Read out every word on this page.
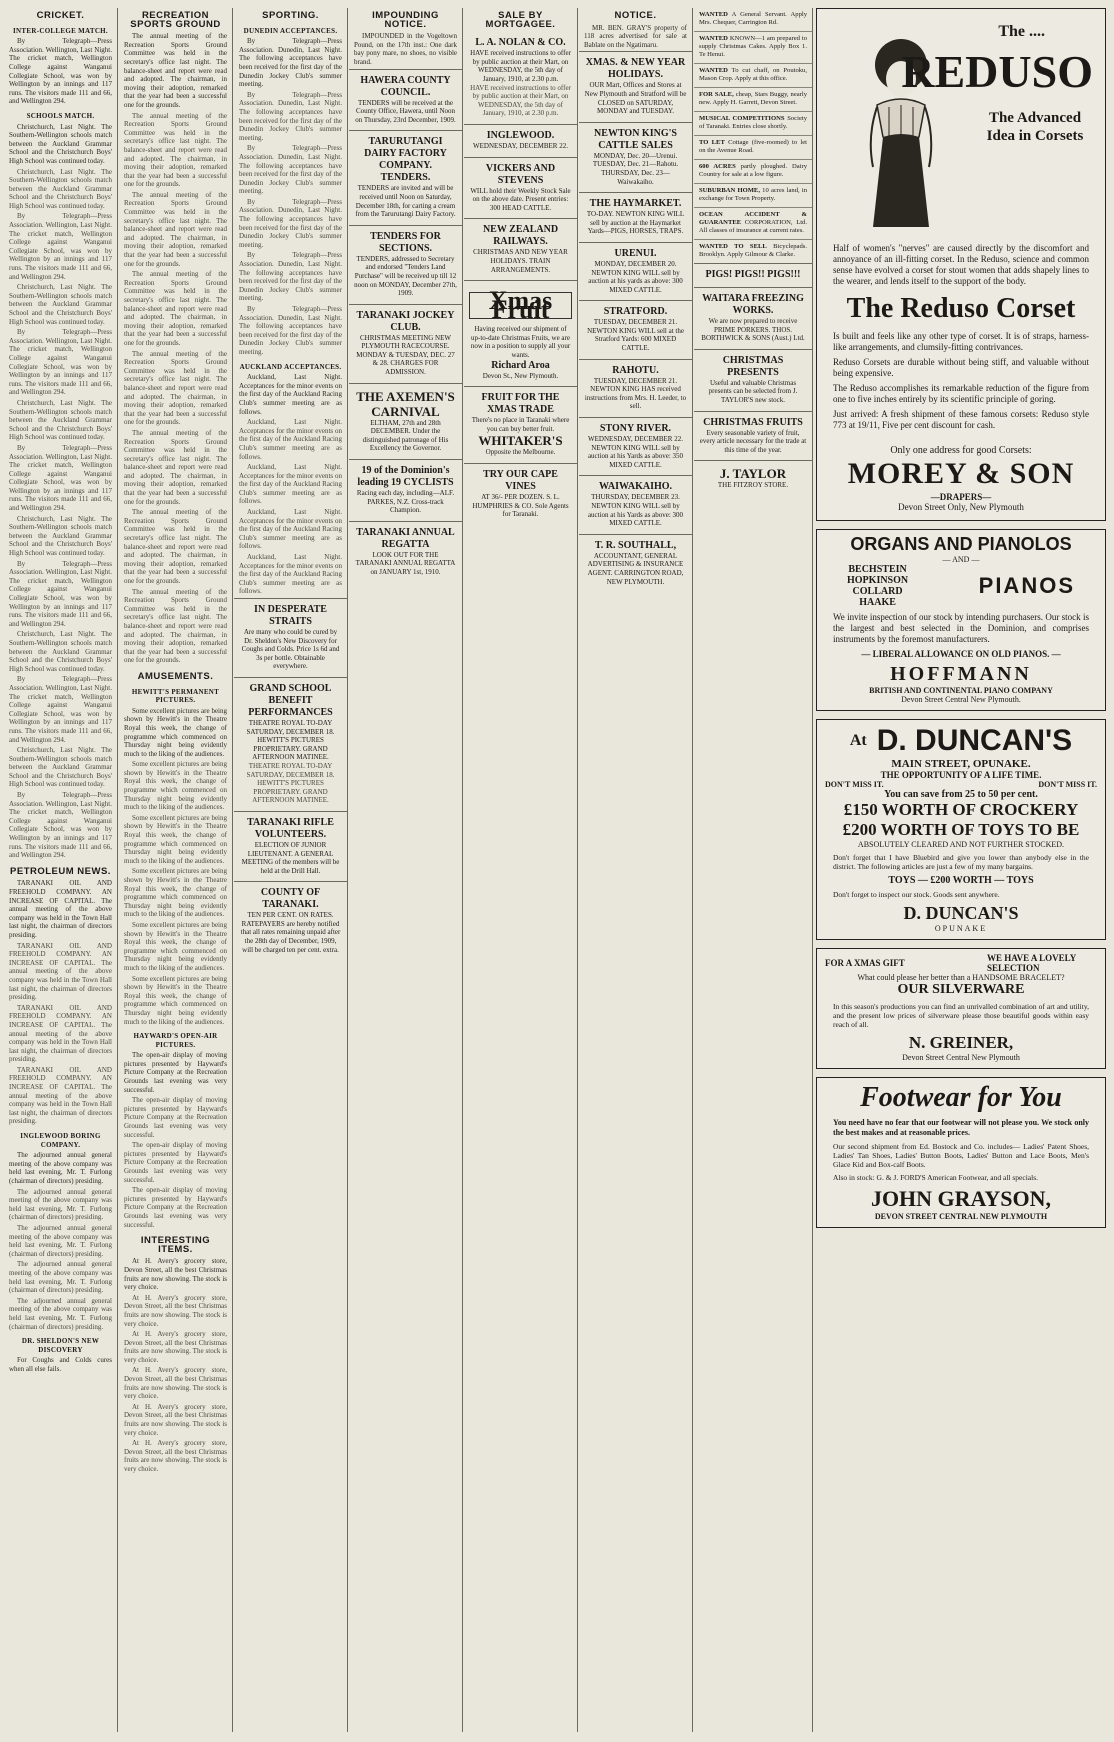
CRICKET.
INTER-COLLEGE MATCH.
By Telegraph—Press Association. Wellington, Last Night. The cricket match, Wellington College against Wanganui Collegiate School, was won by Wellington by an innings and 117 runs. The visitors made 111 and 66, and Wellington 294.
SCHOOLS MATCH.
Christchurch, Last Night. The Southern-Wellington schools match between the Auckland Grammar School and the Christchurch Boys' High School was continued today.
Christchurch, Last Night. The Southern-Wellington schools match between the Auckland Grammar School and the Christchurch Boys' High School was continued today.
By Telegraph—Press Association. Wellington, Last Night. The cricket match, Wellington College against Wanganui Collegiate School, was won by Wellington by an innings and 117 runs. The visitors made 111 and 66, and Wellington 294.
Christchurch, Last Night. The Southern-Wellington schools match between the Auckland Grammar School and the Christchurch Boys' High School was continued today.
By Telegraph—Press Association. Wellington, Last Night. The cricket match, Wellington College against Wanganui Collegiate School, was won by Wellington by an innings and 117 runs. The visitors made 111 and 66, and Wellington 294.
Christchurch, Last Night. The Southern-Wellington schools match between the Auckland Grammar School and the Christchurch Boys' High School was continued today.
By Telegraph—Press Association. Wellington, Last Night. The cricket match, Wellington College against Wanganui Collegiate School, was won by Wellington by an innings and 117 runs. The visitors made 111 and 66, and Wellington 294.
Christchurch, Last Night. The Southern-Wellington schools match between the Auckland Grammar School and the Christchurch Boys' High School was continued today.
By Telegraph—Press Association. Wellington, Last Night. The cricket match, Wellington College against Wanganui Collegiate School, was won by Wellington by an innings and 117 runs. The visitors made 111 and 66, and Wellington 294.
Christchurch, Last Night. The Southern-Wellington schools match between the Auckland Grammar School and the Christchurch Boys' High School was continued today.
By Telegraph—Press Association. Wellington, Last Night. The cricket match, Wellington College against Wanganui Collegiate School, was won by Wellington by an innings and 117 runs. The visitors made 111 and 66, and Wellington 294.
Christchurch, Last Night. The Southern-Wellington schools match between the Auckland Grammar School and the Christchurch Boys' High School was continued today.
By Telegraph—Press Association. Wellington, Last Night. The cricket match, Wellington College against Wanganui Collegiate School, was won by Wellington by an innings and 117 runs. The visitors made 111 and 66, and Wellington 294.
PETROLEUM NEWS.
TARANAKI OIL AND FREEHOLD COMPANY. AN INCREASE OF CAPITAL. The annual meeting of the above company was held in the Town Hall last night, the chairman of directors presiding.
TARANAKI OIL AND FREEHOLD COMPANY. AN INCREASE OF CAPITAL. The annual meeting of the above company was held in the Town Hall last night, the chairman of directors presiding.
TARANAKI OIL AND FREEHOLD COMPANY. AN INCREASE OF CAPITAL. The annual meeting of the above company was held in the Town Hall last night, the chairman of directors presiding.
TARANAKI OIL AND FREEHOLD COMPANY. AN INCREASE OF CAPITAL. The annual meeting of the above company was held in the Town Hall last night, the chairman of directors presiding.
INGLEWOOD BORING COMPANY.
The adjourned annual general meeting of the above company was held last evening, Mr. T. Furlong (chairman of directors) presiding.
The adjourned annual general meeting of the above company was held last evening, Mr. T. Furlong (chairman of directors) presiding.
The adjourned annual general meeting of the above company was held last evening, Mr. T. Furlong (chairman of directors) presiding.
The adjourned annual general meeting of the above company was held last evening, Mr. T. Furlong (chairman of directors) presiding.
The adjourned annual general meeting of the above company was held last evening, Mr. T. Furlong (chairman of directors) presiding.
DR. SHELDON'S NEW DISCOVERY
For Coughs and Colds cures when all else fails.
RECREATION SPORTS GROUND
The annual meeting of the Recreation Sports Ground Committee was held in the secretary's office last night. The balance-sheet and report were read and adopted. The chairman, in moving their adoption, remarked that the year had been a successful one for the grounds.
The annual meeting of the Recreation Sports Ground Committee was held in the secretary's office last night. The balance-sheet and report were read and adopted. The chairman, in moving their adoption, remarked that the year had been a successful one for the grounds.
The annual meeting of the Recreation Sports Ground Committee was held in the secretary's office last night. The balance-sheet and report were read and adopted. The chairman, in moving their adoption, remarked that the year had been a successful one for the grounds.
The annual meeting of the Recreation Sports Ground Committee was held in the secretary's office last night. The balance-sheet and report were read and adopted. The chairman, in moving their adoption, remarked that the year had been a successful one for the grounds.
The annual meeting of the Recreation Sports Ground Committee was held in the secretary's office last night. The balance-sheet and report were read and adopted. The chairman, in moving their adoption, remarked that the year had been a successful one for the grounds.
The annual meeting of the Recreation Sports Ground Committee was held in the secretary's office last night. The balance-sheet and report were read and adopted. The chairman, in moving their adoption, remarked that the year had been a successful one for the grounds.
The annual meeting of the Recreation Sports Ground Committee was held in the secretary's office last night. The balance-sheet and report were read and adopted. The chairman, in moving their adoption, remarked that the year had been a successful one for the grounds.
The annual meeting of the Recreation Sports Ground Committee was held in the secretary's office last night. The balance-sheet and report were read and adopted. The chairman, in moving their adoption, remarked that the year had been a successful one for the grounds.
AMUSEMENTS.
HEWITT'S PERMANENT PICTURES.
Some excellent pictures are being shown by Hewitt's in the Theatre Royal this week, the change of programme which commenced on Thursday night being evidently much to the liking of the audiences.
Some excellent pictures are being shown by Hewitt's in the Theatre Royal this week, the change of programme which commenced on Thursday night being evidently much to the liking of the audiences.
Some excellent pictures are being shown by Hewitt's in the Theatre Royal this week, the change of programme which commenced on Thursday night being evidently much to the liking of the audiences.
Some excellent pictures are being shown by Hewitt's in the Theatre Royal this week, the change of programme which commenced on Thursday night being evidently much to the liking of the audiences.
Some excellent pictures are being shown by Hewitt's in the Theatre Royal this week, the change of programme which commenced on Thursday night being evidently much to the liking of the audiences.
Some excellent pictures are being shown by Hewitt's in the Theatre Royal this week, the change of programme which commenced on Thursday night being evidently much to the liking of the audiences.
HAYWARD'S OPEN-AIR PICTURES.
The open-air display of moving pictures presented by Hayward's Picture Company at the Recreation Grounds last evening was very successful.
The open-air display of moving pictures presented by Hayward's Picture Company at the Recreation Grounds last evening was very successful.
The open-air display of moving pictures presented by Hayward's Picture Company at the Recreation Grounds last evening was very successful.
The open-air display of moving pictures presented by Hayward's Picture Company at the Recreation Grounds last evening was very successful.
INTERESTING ITEMS.
At H. Avery's grocery store, Devon Street, all the best Christmas fruits are now showing. The stock is very choice.
At H. Avery's grocery store, Devon Street, all the best Christmas fruits are now showing. The stock is very choice.
At H. Avery's grocery store, Devon Street, all the best Christmas fruits are now showing. The stock is very choice.
At H. Avery's grocery store, Devon Street, all the best Christmas fruits are now showing. The stock is very choice.
At H. Avery's grocery store, Devon Street, all the best Christmas fruits are now showing. The stock is very choice.
At H. Avery's grocery store, Devon Street, all the best Christmas fruits are now showing. The stock is very choice.
SPORTING.
DUNEDIN ACCEPTANCES.
By Telegraph—Press Association. Dunedin, Last Night. The following acceptances have been received for the first day of the Dunedin Jockey Club's summer meeting.
By Telegraph—Press Association. Dunedin, Last Night. The following acceptances have been received for the first day of the Dunedin Jockey Club's summer meeting.
By Telegraph—Press Association. Dunedin, Last Night. The following acceptances have been received for the first day of the Dunedin Jockey Club's summer meeting.
By Telegraph—Press Association. Dunedin, Last Night. The following acceptances have been received for the first day of the Dunedin Jockey Club's summer meeting.
By Telegraph—Press Association. Dunedin, Last Night. The following acceptances have been received for the first day of the Dunedin Jockey Club's summer meeting.
By Telegraph—Press Association. Dunedin, Last Night. The following acceptances have been received for the first day of the Dunedin Jockey Club's summer meeting.
AUCKLAND ACCEPTANCES.
Auckland, Last Night. Acceptances for the minor events on the first day of the Auckland Racing Club's summer meeting are as follows.
Auckland, Last Night. Acceptances for the minor events on the first day of the Auckland Racing Club's summer meeting are as follows.
Auckland, Last Night. Acceptances for the minor events on the first day of the Auckland Racing Club's summer meeting are as follows.
Auckland, Last Night. Acceptances for the minor events on the first day of the Auckland Racing Club's summer meeting are as follows.
Auckland, Last Night. Acceptances for the minor events on the first day of the Auckland Racing Club's summer meeting are as follows.
IN DESPERATE STRAITS
Are many who could be cured by Dr. Sheldon's New Discovery for Coughs and Colds. Price 1s 6d and 3s per bottle. Obtainable everywhere.
GRAND SCHOOL BENEFIT PERFORMANCES
THEATRE ROYAL TO-DAY SATURDAY, DECEMBER 18. HEWITT'S PICTURES PROPRIETARY. GRAND AFTERNOON MATINEE.
THEATRE ROYAL TO-DAY SATURDAY, DECEMBER 18. HEWITT'S PICTURES PROPRIETARY. GRAND AFTERNOON MATINEE.
TARANAKI RIFLE VOLUNTEERS.
ELECTION OF JUNIOR LIEUTENANT. A GENERAL MEETING of the members will be held at the Drill Hall.
COUNTY OF TARANAKI.
TEN PER CENT. ON RATES. RATEPAYERS are hereby notified that all rates remaining unpaid after the 28th day of December, 1909, will be charged ten per cent. extra.
IMPOUNDING NOTICE.
IMPOUNDED in the Vogeltown Pound, on the 17th inst.: One dark bay pony mare, no shoes, no visible brand.
HAWERA COUNTY COUNCIL.
TENDERS will be received at the County Office, Hawera, until Noon on Thursday, 23rd December, 1909.
TARURUTANGI DAIRY FACTORY COMPANY. TENDERS.
TENDERS are invited and will be received until Noon on Saturday, December 18th, for carting a cream from the Tarurutangi Dairy Factory.
TENDERS FOR SECTIONS.
TENDERS, addressed to Secretary and endorsed "Tenders Land Purchase" will be received up till 12 noon on MONDAY, December 27th, 1909.
TARANAKI JOCKEY CLUB.
CHRISTMAS MEETING NEW PLYMOUTH RACECOURSE. MONDAY & TUESDAY, DEC. 27 & 28. CHARGES FOR ADMISSION.
THE AXEMEN'S CARNIVAL
ELTHAM, 27th and 28th DECEMBER. Under the distinguished patronage of His Excellency the Governor.
19 of the Dominion's leading 19 CYCLISTS
Racing each day, including—ALF. PARKES, N.Z. Cross-track Champion.
TARANAKI ANNUAL REGATTA
LOOK OUT FOR THE TARANAKI ANNUAL REGATTA on JANUARY 1st, 1910.
SALE BY MORTGAGEE.
L. A. NOLAN & CO.
HAVE received instructions to offer by public auction at their Mart, on WEDNESDAY, the 5th day of January, 1910, at 2.30 p.m.
HAVE received instructions to offer by public auction at their Mart, on WEDNESDAY, the 5th day of January, 1910, at 2.30 p.m.
INGLEWOOD.
WEDNESDAY, DECEMBER 22.
VICKERS AND STEVENS
WILL hold their Weekly Stock Sale on the above date. Present entries: 300 HEAD CATTLE.
NEW ZEALAND RAILWAYS.
CHRISTMAS AND NEW YEAR HOLIDAYS. TRAIN ARRANGEMENTS.
Xmas Fruit
Having received our shipment of up-to-date Christmas Fruits, we are now in a position to supply all your wants.
Richard Aroa
Devon St., New Plymouth.
FRUIT FOR THE XMAS TRADE
There's no place in Taranaki where you can buy better fruit.
WHITAKER'S
Opposite the Melbourne.
TRY OUR CAPE VINES
AT 36/- PER DOZEN. S. L. HUMPHRIES & CO. Sole Agents for Taranaki.
NOTICE.
MR. BEN. GRAY'S property of 118 acres advertised for sale at Bablate on the Ngatimaru.
XMAS. & NEW YEAR HOLIDAYS.
OUR Mart, Offices and Stores at New Plymouth and Stratford will be CLOSED on SATURDAY, MONDAY and TUESDAY.
NEWTON KING'S CATTLE SALES
MONDAY, Dec. 20—Urenui. TUESDAY, Dec. 21—Rahotu. THURSDAY, Dec. 23—Waiwakaiho.
THE HAYMARKET.
TO-DAY. NEWTON KING WILL sell by auction at the Haymarket Yards—PIGS, HORSES, TRAPS.
URENUI.
MONDAY, DECEMBER 20. NEWTON KING WILL sell by auction at his yards as above: 300 MIXED CATTLE.
STRATFORD.
TUESDAY, DECEMBER 21. NEWTON KING WILL sell at the Stratford Yards: 600 MIXED CATTLE.
RAHOTU.
TUESDAY, DECEMBER 21. NEWTON KING HAS received instructions from Mrs. H. Leeder, to sell.
STONY RIVER.
WEDNESDAY, DECEMBER 22. NEWTON KING WILL sell by auction at his Yards as above: 350 MIXED CATTLE.
WAIWAKAIHO.
THURSDAY, DECEMBER 23. NEWTON KING WILL sell by auction at his Yards as above: 300 MIXED CATTLE.
T. R. SOUTHALL,
ACCOUNTANT, GENERAL ADVERTISING & INSURANCE AGENT. CARRINGTON ROAD, NEW PLYMOUTH.
WANTED A General Servant. Apply Mrs. Chequer, Carrington Rd.
WANTED KNOWN—1 am prepared to supply Christmas Cakes. Apply Box 1. Te Henui.
WANTED To cut chaff, on Poutoku, Mason Crop. Apply at this office.
FOR SALE, cheap, Stars Buggy, nearly new. Apply H. Garrett, Devon Street.
MUSICAL COMPETITIONS Society of Taranaki. Entries close shortly.
TO LET Cottage (five-roomed) to let on the Avenue Road.
600 ACRES partly ploughed. Dairy Country for sale at a low figure.
SUBURBAN HOME, 10 acres land, in exchange for Town Property.
OCEAN ACCIDENT & GUARANTEE CORPORATION, Ltd. All classes of insurance at current rates.
WANTED TO SELL Bicyclepads. Brooklyn. Apply Gilmour & Clarke.
PIGS! PIGS!! PIGS!!!
WAITARA FREEZING WORKS.
We are now prepared to receive PRIME PORKERS. THOS. BORTHWICK & SONS (Aust.) Ltd.
CHRISTMAS PRESENTS
Useful and valuable Christmas presents can be selected from J. TAYLOR'S new stock.
CHRISTMAS FRUITS
Every seasonable variety of fruit, every article necessary for the trade at this time of the year.
J. TAYLOR
THE FITZROY STORE.
The ....
REDUSO
The Advanced Idea in Corsets
Half of women's "nerves" are caused directly by the discomfort and annoyance of an ill-fitting corset. In the Reduso, science and common sense have evolved a corset for stout women that adds shapely lines to the wearer, and lends itself to the support of the body.
The Reduso Corset
Is built and feels like any other type of corset. It is of straps, harness-like arrangements, and clumsily-fitting contrivances.
Reduso Corsets are durable without being stiff, and valuable without being expensive.
The Reduso accomplishes its remarkable reduction of the figure from one to five inches entirely by its scientific principle of goring.
Just arrived: A fresh shipment of these famous corsets: Reduso style 773 at 19/11, Five per cent discount for cash.
Only one address for good Corsets:
MOREY & SON
—DRAPERS—
Devon Street Only, New Plymouth
ORGANS AND PIANOLOS
— AND —
BECHSTEIN
HOPKINSON
COLLARD
HAAKE
PIANOS
We invite inspection of our stock by intending purchasers. Our stock is the largest and best selected in the Dominion, and comprises instruments by the foremost manufacturers.
— LIBERAL ALLOWANCE ON OLD PIANOS. —
HOFFMANN
BRITISH AND CONTINENTAL PIANO COMPANY
Devon Street Central New Plymouth.
At D. DUNCAN'S
MAIN STREET, OPUNAKE.
THE OPPORTUNITY OF A LIFE TIME.
DON'T MISS IT.	DON'T MISS IT.
You can save from 25 to 50 per cent.
£150 WORTH OF CROCKERY
£200 WORTH OF TOYS TO BE
ABSOLUTELY CLEARED AND NOT FURTHER STOCKED.
Don't forget that I have Bluebird and give you lower than anybody else in the district. The following articles are just a few of my many bargains.
TOYS — £200 WORTH — TOYS
Don't forget to inspect our stock. Goods sent anywhere.
D. DUNCAN'S
OPUNAKE
FOR A XMAS GIFT	WE HAVE A LOVELY SELECTION
What could please her better than a HANDSOME BRACELET?
OUR SILVERWARE
In this season's productions you can find an unrivalled combination of art and utility, and the present low prices of silverware please those beautiful goods within easy reach of all.
N. GREINER,
Devon Street Central New Plymouth
Footwear for You
You need have no fear that our footwear will not please you. We stock only the best makes and at reasonable prices.
Our second shipment from Ed. Bostock and Co. includes— Ladies' Patent Shoes, Ladies' Tan Shoes, Ladies' Button Boots, Ladies' Button and Lace Boots, Men's Glace Kid and Box-calf Boots.
Also in stock: G. & J. FORD'S American Footwear, and all specials.
JOHN GRAYSON,
DEVON STREET CENTRAL NEW PLYMOUTH
